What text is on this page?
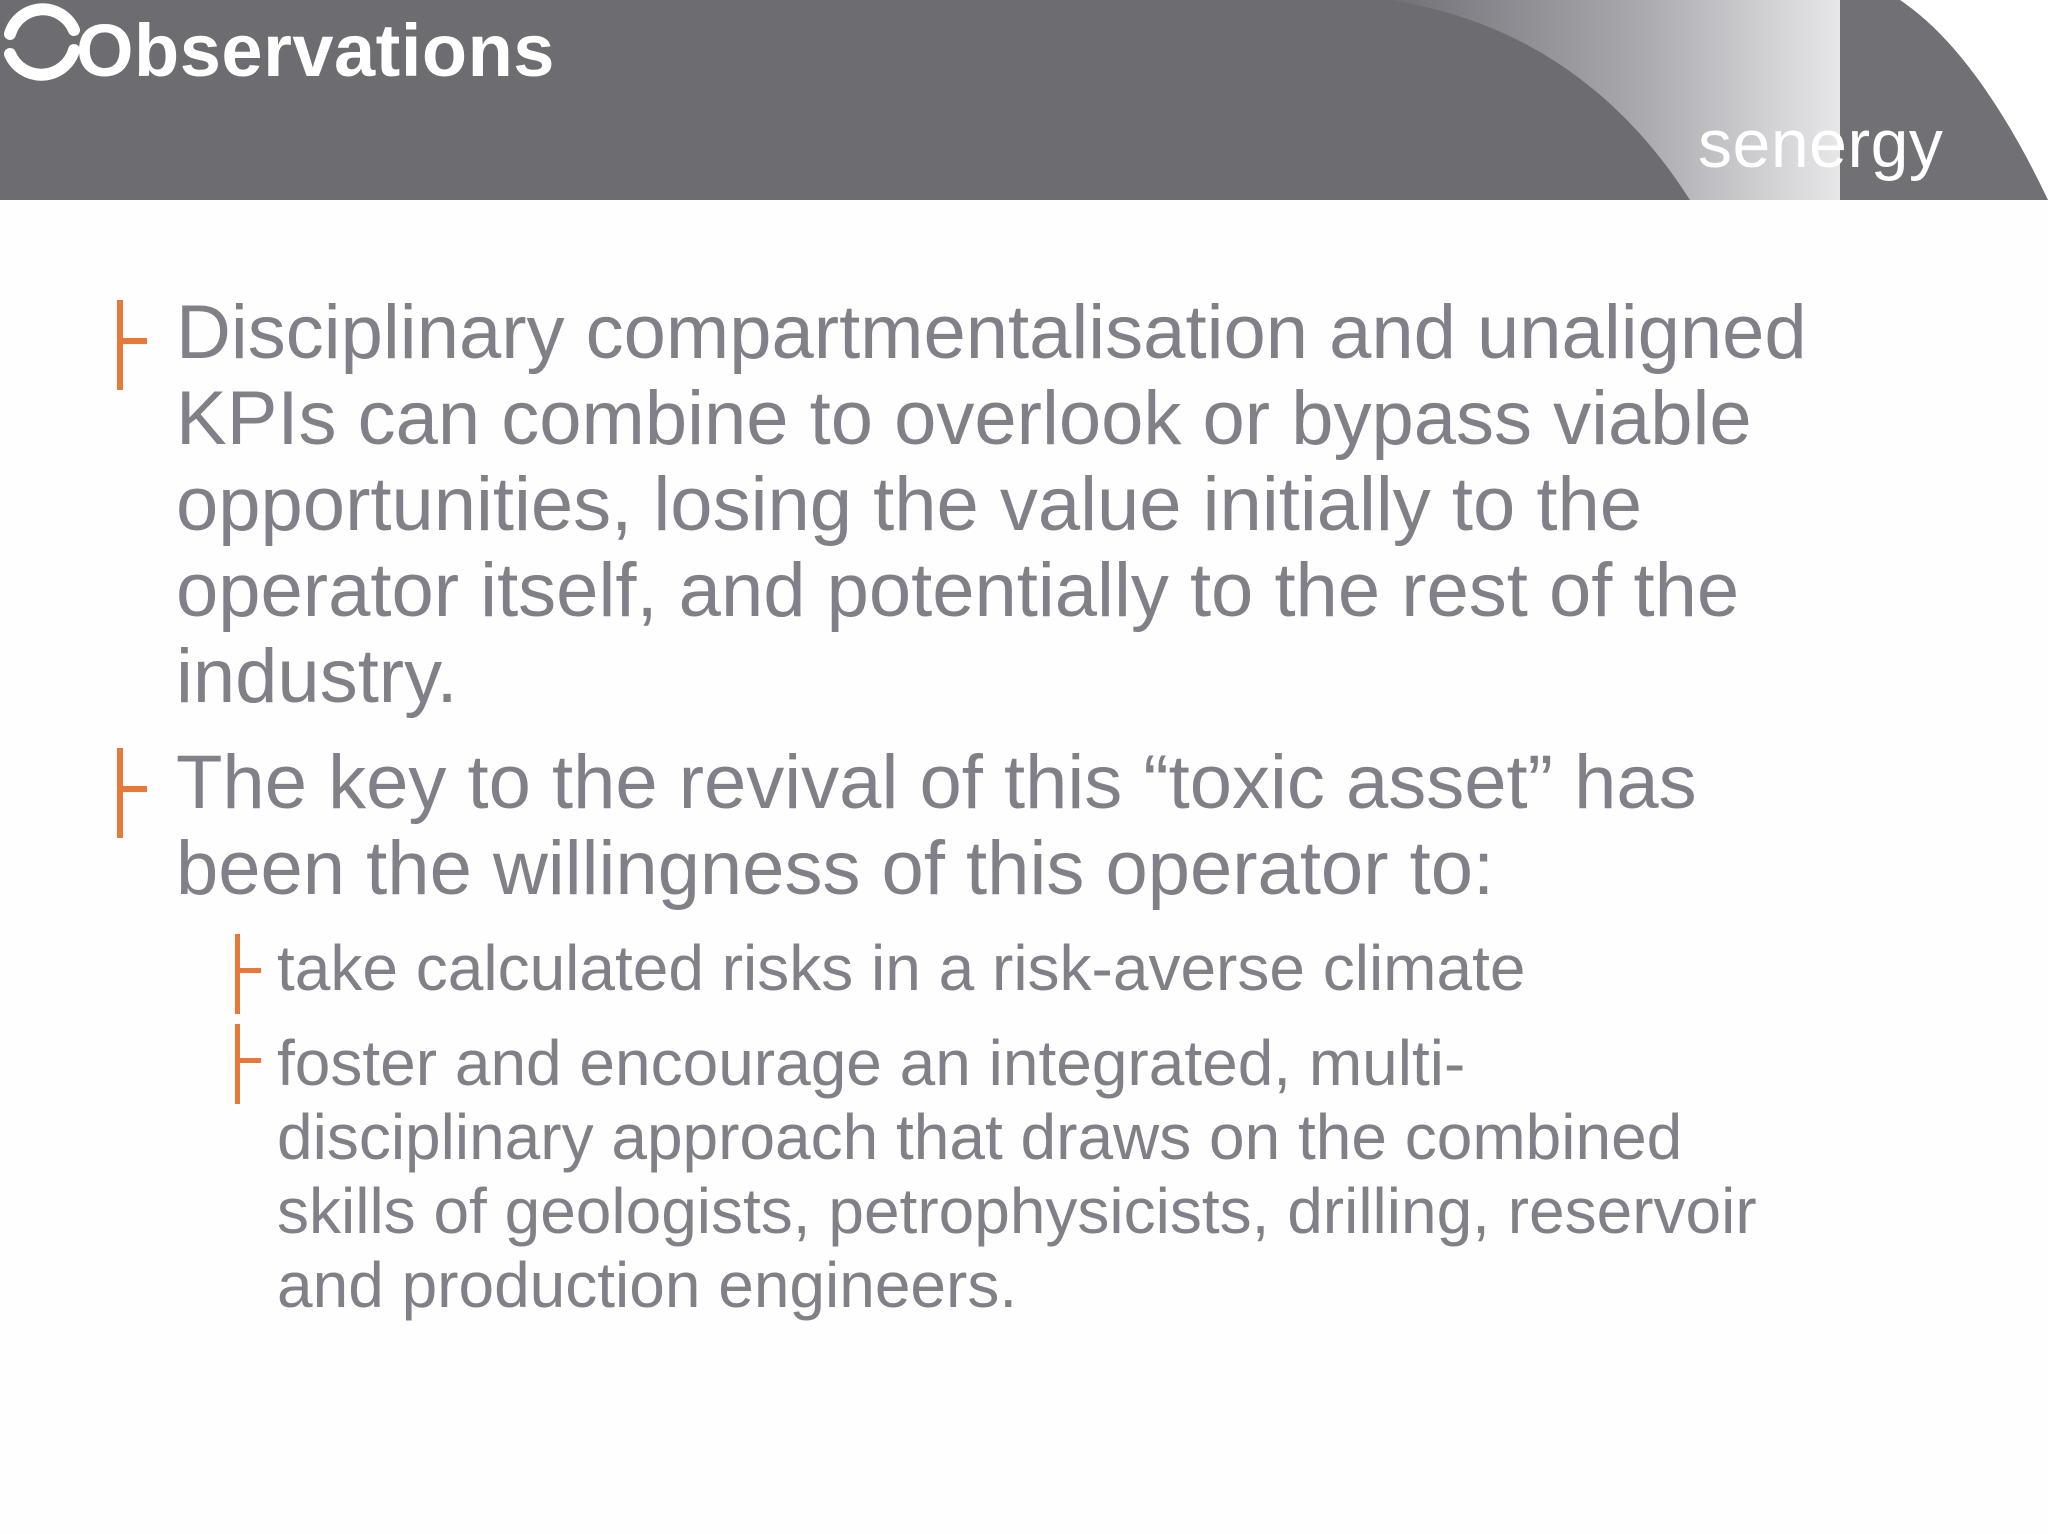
Observations
senergy
Disciplinary compartmentalisation and unaligned KPIs can combine to overlook or bypass viable opportunities, losing the value initially to the operator itself, and potentially to the rest of the industry.
The key to the revival of this “toxic asset” has been the willingness of this operator to:
take calculated risks in a risk-averse climate
foster and encourage an integrated, multi-disciplinary approach that draws on the combined skills of geologists, petrophysicists, drilling, reservoir and production engineers.
